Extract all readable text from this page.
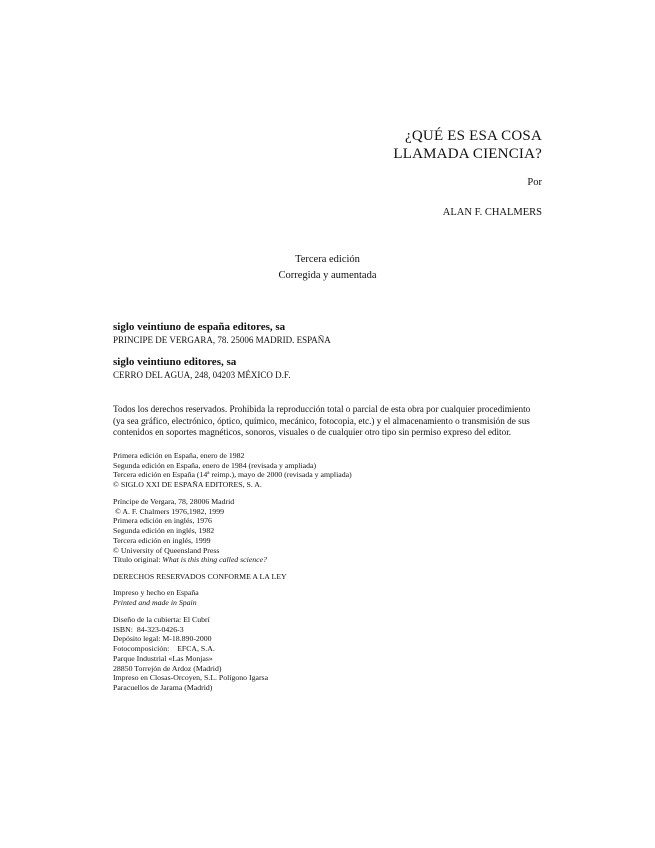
¿QUÉ ES ESA COSA
LLAMADA CIENCIA?
Por
ALAN F. CHALMERS
Tercera edición
Corregida y aumentada
siglo veintiuno de españa editores, sa
PRINCIPE DE VERGARA, 78. 25006 MADRID. ESPAÑA
siglo veintiuno editores, sa
CERRO DEL AGUA, 248, 04203 MÉXICO D.F.
Todos los derechos reservados. Prohibida la reproducción total o parcial de esta obra por cualquier procedimiento (ya sea gráfico, electrónico, óptico, químico, mecánico, fotocopia, etc.) y el almacenamiento o transmisión de sus contenidos en soportes magnéticos, sonoros, visuales o de cualquier otro tipo sin permiso expreso del editor.
Primera edición en España, enero de 1982
Segunda edición en España, enero de 1984 (revisada y ampliada)
Tercera edición en España (14ª reimp.), mayo de 2000 (revisada y ampliada)
© SIGLO XXI DE ESPAÑA EDITORES, S. A.
Príncipe de Vergara, 78, 28006 Madrid
© A. F. Chalmers 1976,1982, 1999
Primera edición en inglés, 1976
Segunda edición en inglés, 1982
Tercera edición en inglés, 1999
© University of Queensland Press
Título original: What is this thing called science?
DERECHOS RESERVADOS CONFORME A LA LEY
Impreso y hecho en España
Printed and made in Spain
Diseño de la cubierta: El Cubrí
ISBN:  84-323-0426-3
Depósito legal: M-18.890-2000
Fotocomposición:    EFCA, S.A.
Parque Industrial «Las Monjas»
28850 Torrejón de Ardoz (Madrid)
Impreso en Closas-Orcoyen, S.L. Polígono Igarsa
Paracuellos de Jarama (Madrid)
